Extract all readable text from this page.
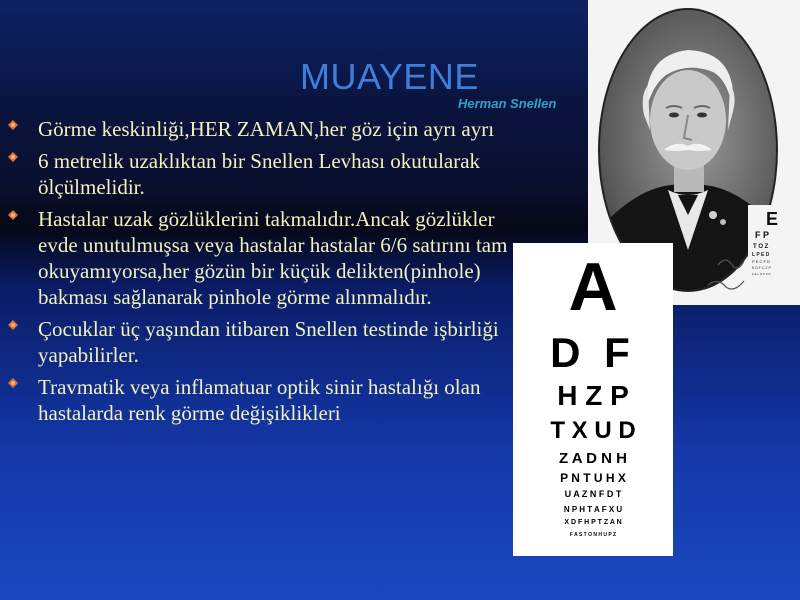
MUAYENE
E
F P
T O Z
L P E D
P E C F D
E D F C Z P
F E L O P Z D
Herman Snellen
Görme keskinliği,HER ZAMAN,her göz için ayrı ayrı
6 metrelik uzaklıktan bir Snellen Levhası okutularak ölçülmelidir.
Hastalar uzak gözlüklerini takmalıdır.Ancak gözlükler evde unutulmuşsa veya hastalar hastalar 6/6 satırını tam okuyamıyorsa,her gözün bir küçük delikten(pinhole) bakması sağlanarak pinhole görme alınmalıdır.
Çocuklar üç yaşından itibaren Snellen testinde işbirliği yapabilirler.
Travmatik veya inflamatuar optik sinir hastalığı olan hastalarda renk görme değişiklikleri
A
D F
H Z P
T X U D
Z A D N H
P N T U H X
U A Z N F D T
N P H T A F X U
X D F H P T Z A N
F A S T O N H U P Z
